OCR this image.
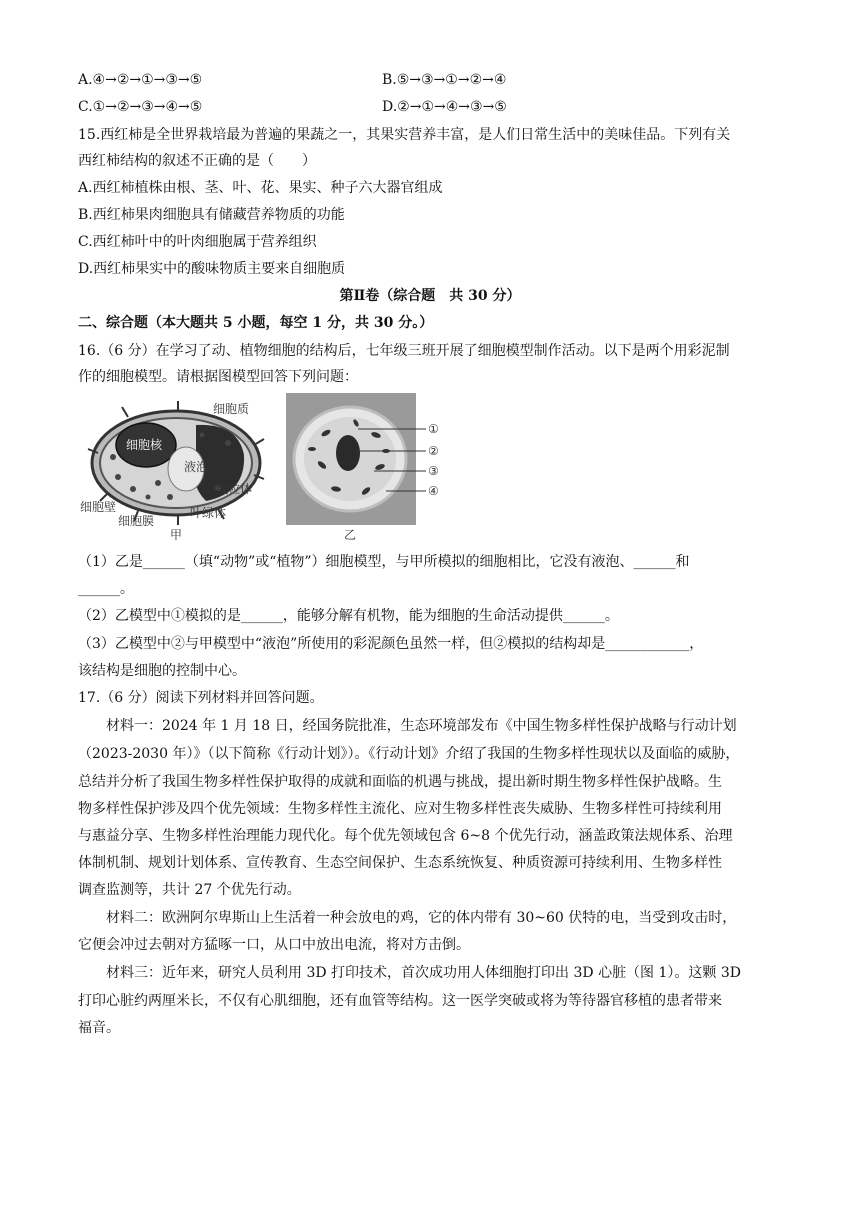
A.④→②→①→③→⑤	B.⑤→③→①→②→④
C.①→②→③→④→⑤	D.②→①→④→③→⑤
15.西红柿是全世界栽培最为普遍的果蔬之一，其果实营养丰富，是人们日常生活中的美味佳品。下列有关
西红柿结构的叙述不正确的是（　　）
A.西红柿植株由根、茎、叶、花、果实、种子六大器官组成
B.西红柿果肉细胞具有储藏营养物质的功能
C.西红柿叶中的叶肉细胞属于营养组织
D.西红柿果实中的酸味物质主要来自细胞质
第Ⅱ卷（综合题　共 30 分）
二、综合题（本大题共 5 小题，每空 1 分，共 30 分。）
16.（6 分）在学习了动、植物细胞的结构后，七年级三班开展了细胞模型制作活动。以下是两个用彩泥制
作的细胞模型。请根据图模型回答下列问题：
细胞质
细胞核
液泡
线粒体
细胞壁
细胞膜
叶绿体
甲
①
②
③
④
乙
（1）乙是______（填“动物”或“植物”）细胞模型，与甲所模拟的细胞相比，它没有液泡、______和
______。
（2）乙模型中①模拟的是______，能够分解有机物，能为细胞的生命活动提供______。
（3）乙模型中②与甲模型中“液泡”所使用的彩泥颜色虽然一样，但②模拟的结构却是____________，
该结构是细胞的控制中心。
17.（6 分）阅读下列材料并回答问题。
材料一：2024 年 1 月 18 日，经国务院批准，生态环境部发布《中国生物多样性保护战略与行动计划
（2023-2030 年）》（以下简称《行动计划》）。《行动计划》介绍了我国的生物多样性现状以及面临的威胁，
总结并分析了我国生物多样性保护取得的成就和面临的机遇与挑战，提出新时期生物多样性保护战略。生
物多样性保护涉及四个优先领域：生物多样性主流化、应对生物多样性丧失威胁、生物多样性可持续利用
与惠益分享、生物多样性治理能力现代化。每个优先领域包含 6~8 个优先行动，涵盖政策法规体系、治理
体制机制、规划计划体系、宣传教育、生态空间保护、生态系统恢复、种质资源可持续利用、生物多样性
调查监测等，共计 27 个优先行动。
材料二：欧洲阿尔卑斯山上生活着一种会放电的鸡，它的体内带有 30~60 伏特的电，当受到攻击时，
它便会冲过去朝对方猛啄一口，从口中放出电流，将对方击倒。
材料三：近年来，研究人员利用 3D 打印技术，首次成功用人体细胞打印出 3D 心脏（图 1）。这颗 3D
打印心脏约两厘米长，不仅有心肌细胞，还有血管等结构。这一医学突破或将为等待器官移植的患者带来
福音。
